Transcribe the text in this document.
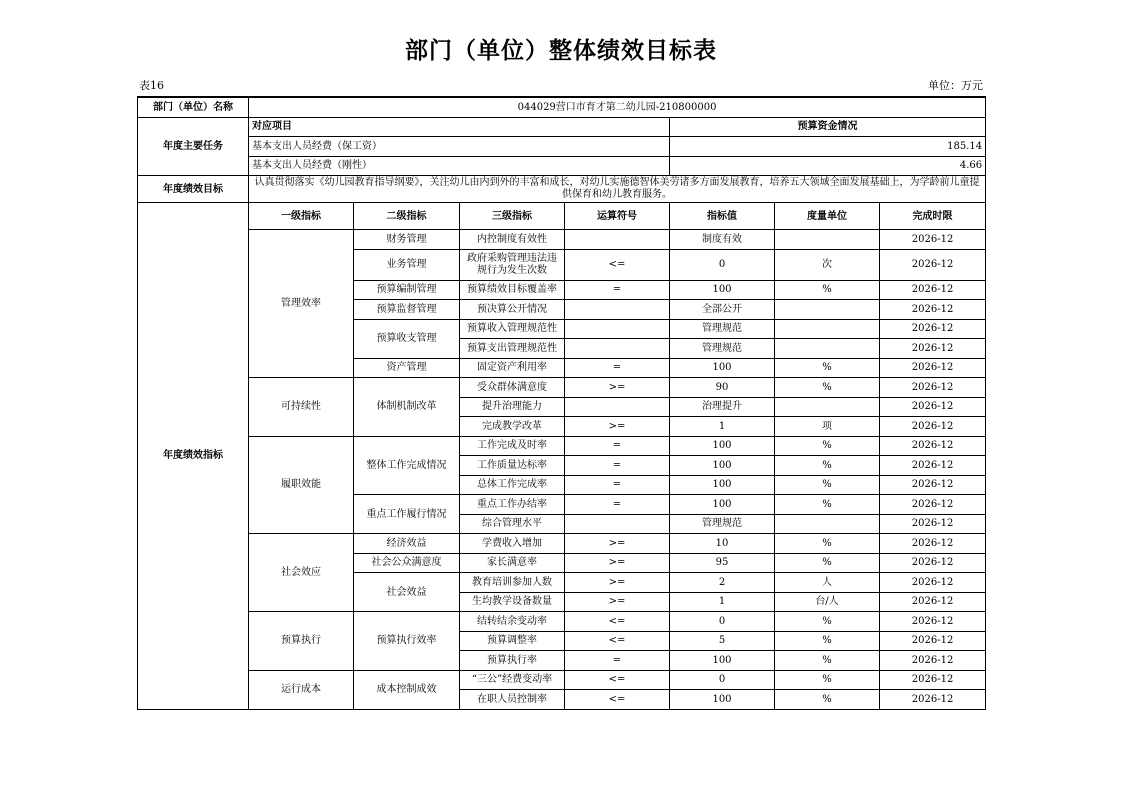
部门（单位）整体绩效目标表
表16	单位：万元
部门（单位）名称	044029营口市育才第二幼儿园-210800000						
年度主要任务	对应项目				预算资金情况		
	基本支出人员经费（保工资）				185.14		
	基本支出人员经费（刚性）				4.66		
年度绩效目标	认真贯彻落实《幼儿园教育指导纲要》，关注幼儿由内到外的丰富和成长，对幼儿实施德智体美劳诸多方面发展教育，培养五大领域全面发展基础上，为学龄前儿童提供保育和幼儿教育服务。						
年度绩效指标	一级指标	二级指标	三级指标	运算符号	指标值	度量单位	完成时限
	管理效率	财务管理	内控制度有效性		制度有效		2026-12
		业务管理	政府采购管理违法违规行为发生次数	<=	0	次	2026-12
		预算编制管理	预算绩效目标覆盖率	=	100	%	2026-12
		预算监督管理	预决算公开情况		全部公开		2026-12
		预算收支管理	预算收入管理规范性		管理规范		2026-12
			预算支出管理规范性		管理规范		2026-12
		资产管理	固定资产利用率	=	100	%	2026-12
	可持续性	体制机制改革	受众群体满意度	>=	90	%	2026-12
			提升治理能力		治理提升		2026-12
			完成教学改革	>=	1	项	2026-12
	履职效能	整体工作完成情况	工作完成及时率	=	100	%	2026-12
			工作质量达标率	=	100	%	2026-12
			总体工作完成率	=	100	%	2026-12
		重点工作履行情况	重点工作办结率	=	100	%	2026-12
			综合管理水平		管理规范		2026-12
	社会效应	经济效益	学费收入增加	>=	10	%	2026-12
		社会公众满意度	家长满意率	>=	95	%	2026-12
		社会效益	教育培训参加人数	>=	2	人	2026-12
			生均教学设备数量	>=	1	台/人	2026-12
	预算执行	预算执行效率	结转结余变动率	<=	0	%	2026-12
			预算调整率	<=	5	%	2026-12
			预算执行率	=	100	%	2026-12
	运行成本	成本控制成效	“三公”经费变动率	<=	0	%	2026-12
			在职人员控制率	<=	100	%	2026-12
